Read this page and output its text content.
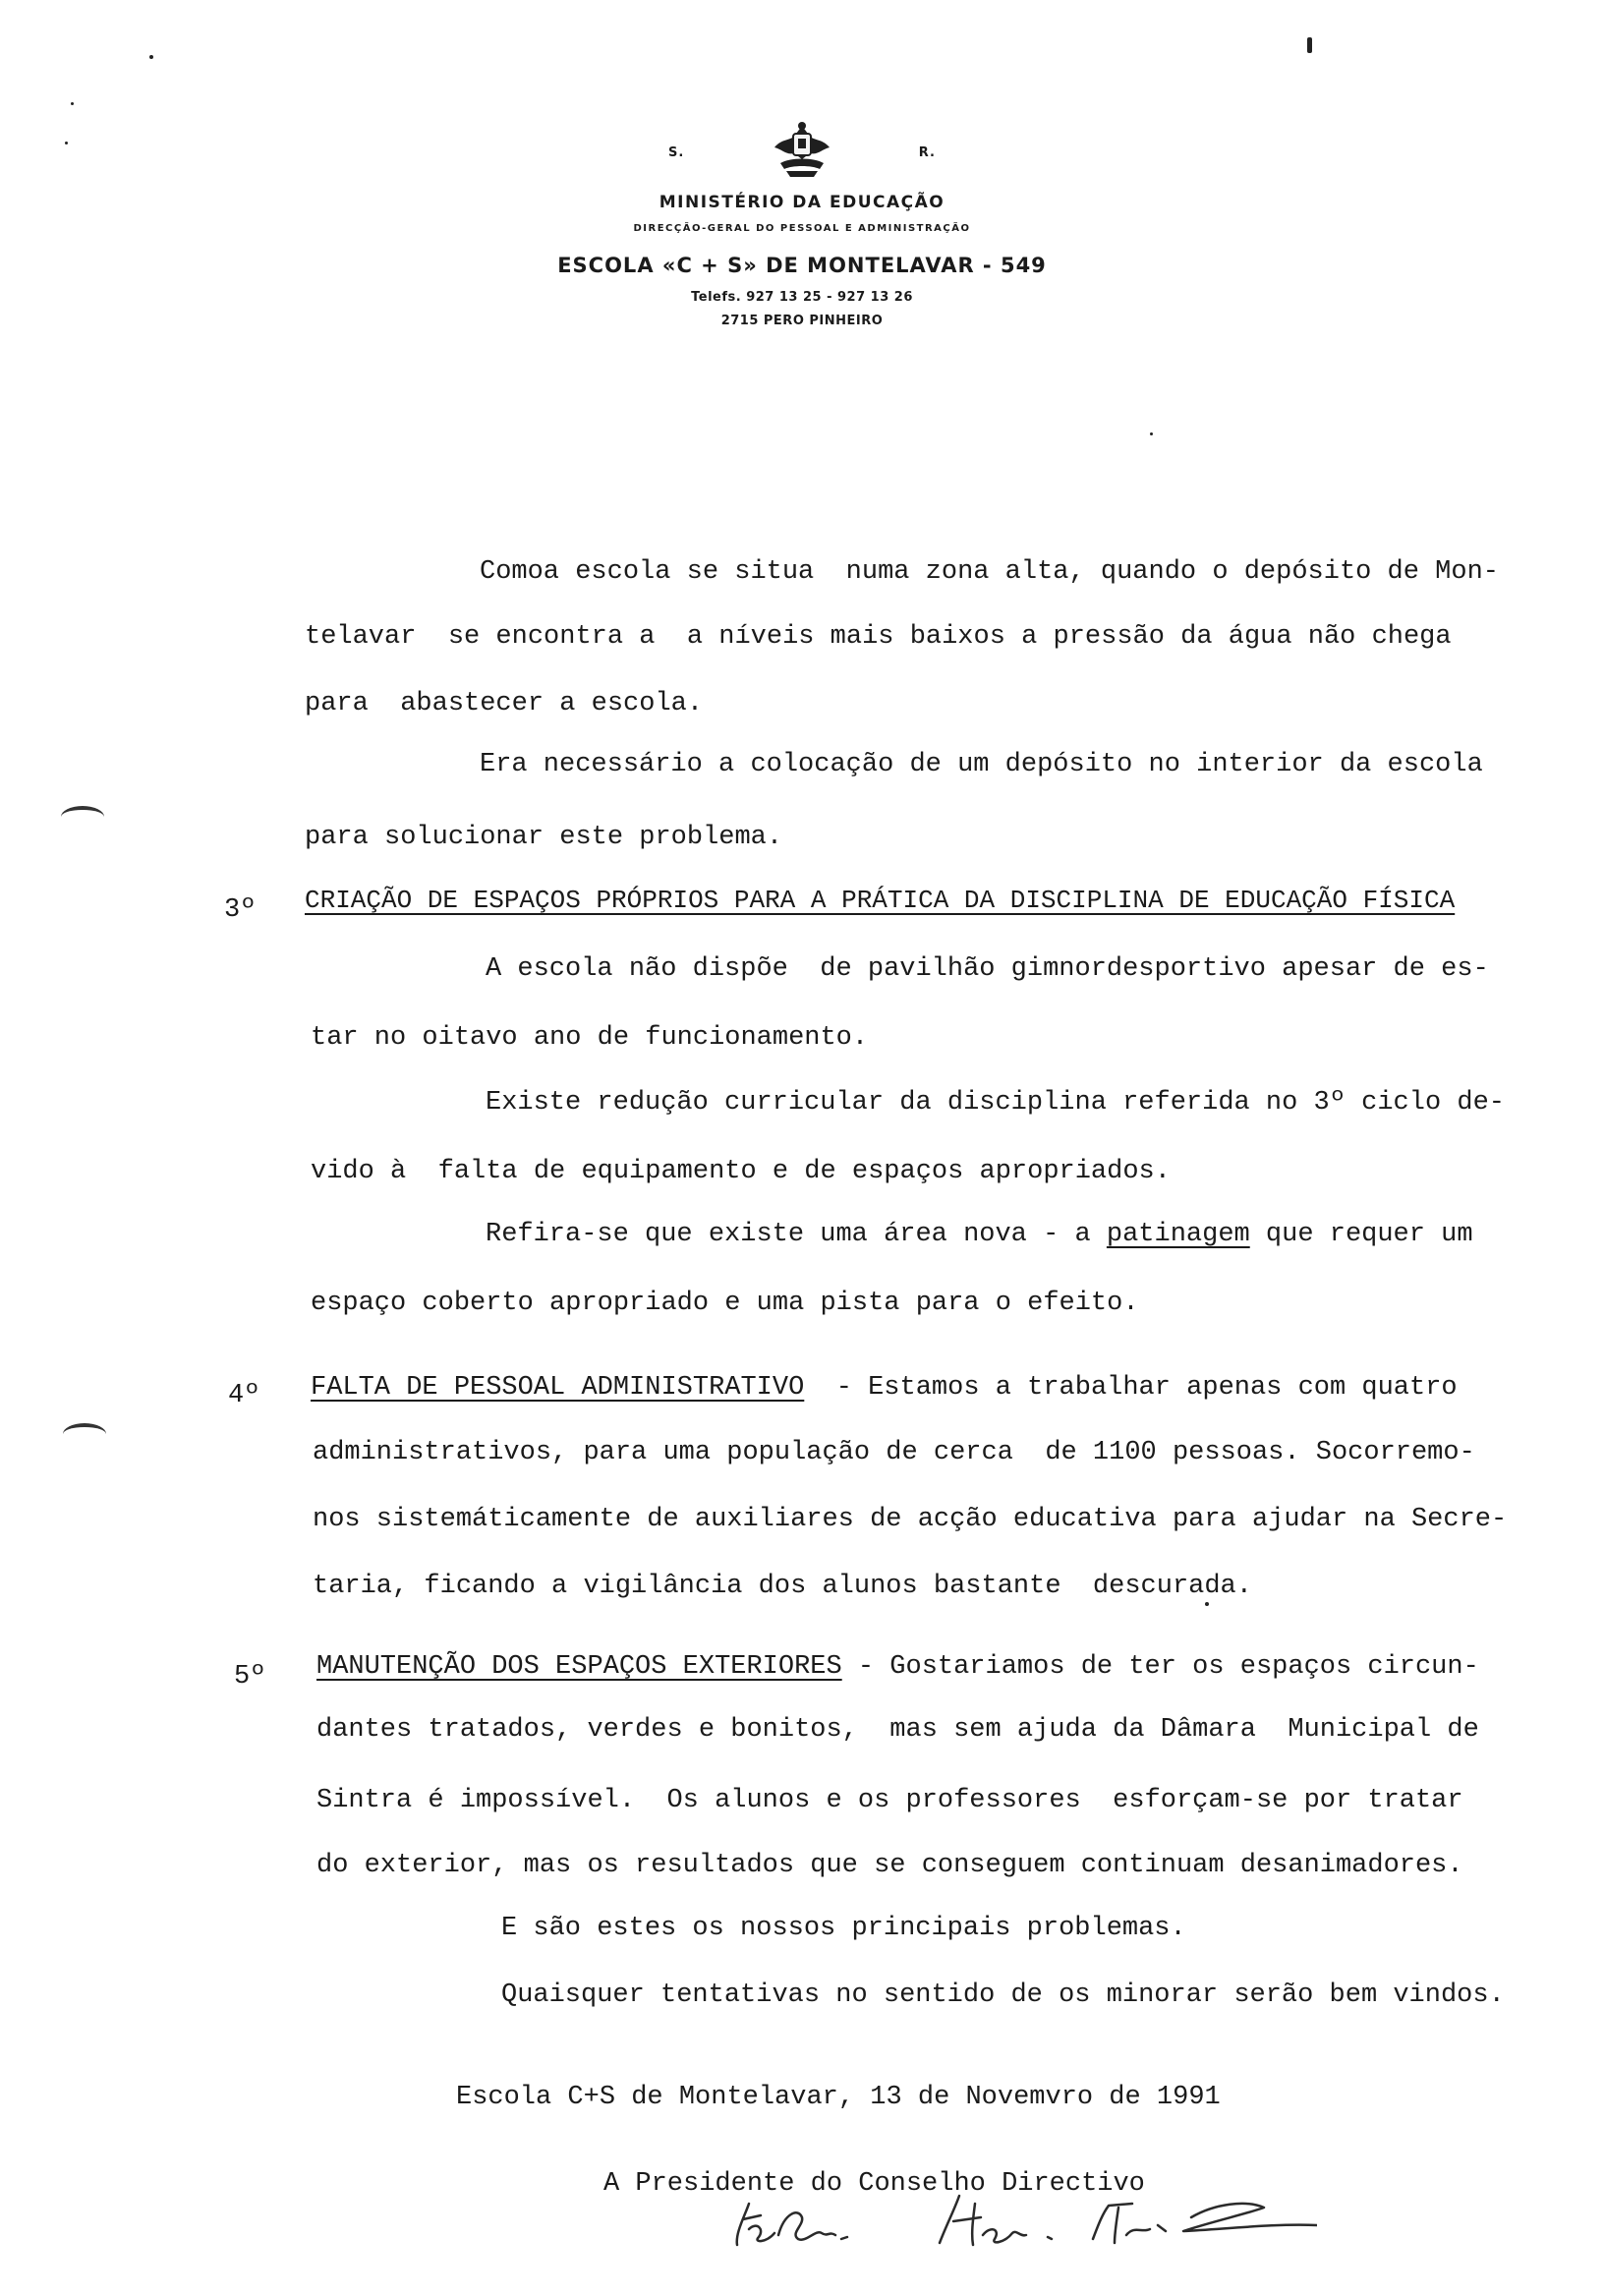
S.	R.
MINISTÉRIO DA EDUCAÇÃO
DIRECÇÃO-GERAL DO PESSOAL E ADMINISTRAÇÃO
ESCOLA «C + S» DE MONTELAVAR - 549
Telefs. 927 13 25 - 927 13 26
2715 PERO PINHEIRO
Comoa escola se situa  numa zona alta, quando o depósito de Mon-
telavar  se encontra a  a níveis mais baixos a pressão da água não chega
para  abastecer a escola.
Era necessário a colocação de um depósito no interior da escola
para solucionar este problema.
3º CRIAÇÃO DE ESPAÇOS PRÓPRIOS PARA A PRÁTICA DA DISCIPLINA DE EDUCAÇÃO FÍSICA
A escola não dispõe  de pavilhão gimnordesportivo apesar de es-
tar no oitavo ano de funcionamento.
Existe redução curricular da disciplina referida no 3º ciclo de-
vido à  falta de equipamento e de espaços apropriados.
Refira-se que existe uma área nova - a patinagem que requer um
espaço coberto apropriado e uma pista para o efeito.
4º FALTA DE PESSOAL ADMINISTRATIVO  - Estamos a trabalhar apenas com quatro
administrativos, para uma população de cerca  de 1100 pessoas. Socorremo-
nos sistemáticamente de auxiliares de acção educativa para ajudar na Secre-
taria, ficando a vigilância dos alunos bastante  descurada.
5º MANUTENÇÃO DOS ESPAÇOS EXTERIORES - Gostariamos de ter os espaços circun-
dantes tratados, verdes e bonitos,  mas sem ajuda da Dâmara  Municipal de
Sintra é impossível.  Os alunos e os professores  esforçam-se por tratar
do exterior, mas os resultados que se conseguem continuam desanimadores.
E são estes os nossos principais problemas.
Quaisquer tentativas no sentido de os minorar serão bem vindos.
Escola C+S de Montelavar, 13 de Novemvro de 1991
A Presidente do Conselho Directivo
